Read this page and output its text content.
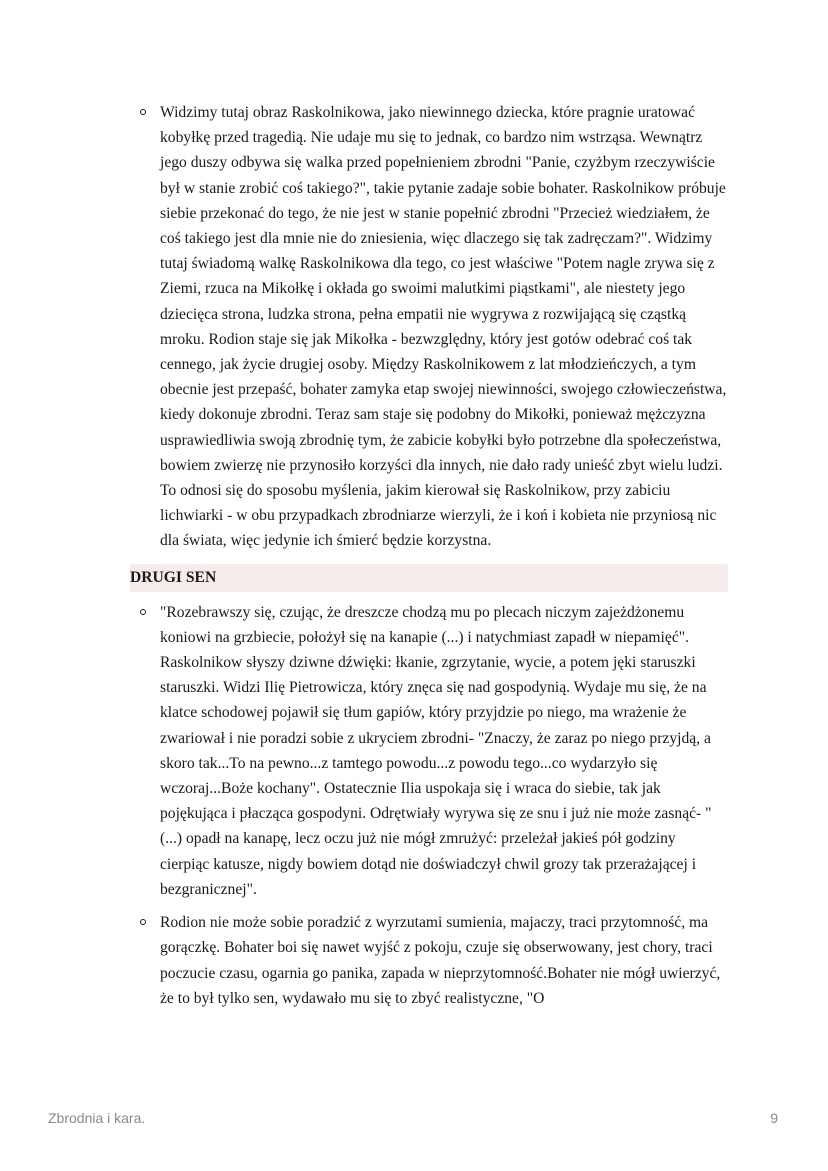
Widzimy tutaj obraz Raskolnikowa, jako niewinnego dziecka, które pragnie uratować kobyłkę przed tragedią. Nie udaje mu się to jednak, co bardzo nim wstrząsa. Wewnątrz jego duszy odbywa się walka przed popełnieniem zbrodni "Panie, czyżbym rzeczywiście był w stanie zrobić coś takiego?", takie pytanie zadaje sobie bohater. Raskolnikow próbuje siebie przekonać do tego, że nie jest w stanie popełnić zbrodni "Przecież wiedziałem, że coś takiego jest dla mnie nie do zniesienia, więc dlaczego się tak zadręczam?". Widzimy tutaj świadomą walkę Raskolnikowa dla tego, co jest właściwe "Potem nagle zrywa się z Ziemi, rzuca na Mikołkę i okłada go swoimi malutkimi piąstkami", ale niestety jego dziecięca strona, ludzka strona, pełna empatii nie wygrywa z rozwijającą się cząstką mroku. Rodion staje się jak Mikołka - bezwzględny, który jest gotów odebrać coś tak cennego, jak życie drugiej osoby. Między Raskolnikowem z lat młodzieńczych, a tym obecnie jest przepaść, bohater zamyka etap swojej niewinności, swojego człowieczeństwa, kiedy dokonuje zbrodni. Teraz sam staje się podobny do Mikołki, ponieważ mężczyzna usprawiedliwia swoją zbrodnię tym, że zabicie kobyłki było potrzebne dla społeczeństwa, bowiem zwierzę nie przynosiło korzyści dla innych, nie dało rady unieść zbyt wielu ludzi. To odnosi się do sposobu myślenia, jakim kierował się Raskolnikow, przy zabiciu lichwiarki - w obu przypadkach zbrodniarze wierzyli, że i koń i kobieta nie przyniosą nic dla świata, więc jedynie ich śmierć będzie korzystna.
DRUGI SEN
"Rozebrawszy się, czując, że dreszcze chodzą mu po plecach niczym zajeżdżonemu koniowi na grzbiecie, położył się na kanapie (...) i natychmiast zapadł w niepamięć". Raskolnikow słyszy dziwne dźwięki: łkanie, zgrzytanie, wycie, a potem jęki staruszki staruszki. Widzi Ilię Pietrowicza, który znęca się nad gospodynią. Wydaje mu się, że na klatce schodowej pojawił się tłum gapiów, który przyjdzie po niego, ma wrażenie że zwariował i nie poradzi sobie z ukryciem zbrodni- "Znaczy, że zaraz po niego przyjdą, a skoro tak...To na pewno...z tamtego powodu...z powodu tego...co wydarzyło się wczoraj...Boże kochany". Ostatecznie Ilia uspokaja się i wraca do siebie, tak jak pojękująca i płacząca gospodyni. Odrętwiały wyrywa się ze snu i już nie może zasnąć- "(...) opadł na kanapę, lecz oczu już nie mógł zmrużyć: przeleżał jakieś pół godziny cierpiąc katusze, nigdy bowiem dotąd nie doświadczył chwil grozy tak przerażającej i bezgranicznej".
Rodion nie może sobie poradzić z wyrzutami sumienia, majaczy, traci przytomność, ma gorączkę. Bohater boi się nawet wyjść z pokoju, czuje się obserwowany, jest chory, traci poczucie czasu, ogarnia go panika, zapada w nieprzytomność.Bohater nie mógł uwierzyć, że to był tylko sen, wydawało mu się to zbyć realistyczne, "O
Zbrodnia i kara.	9
